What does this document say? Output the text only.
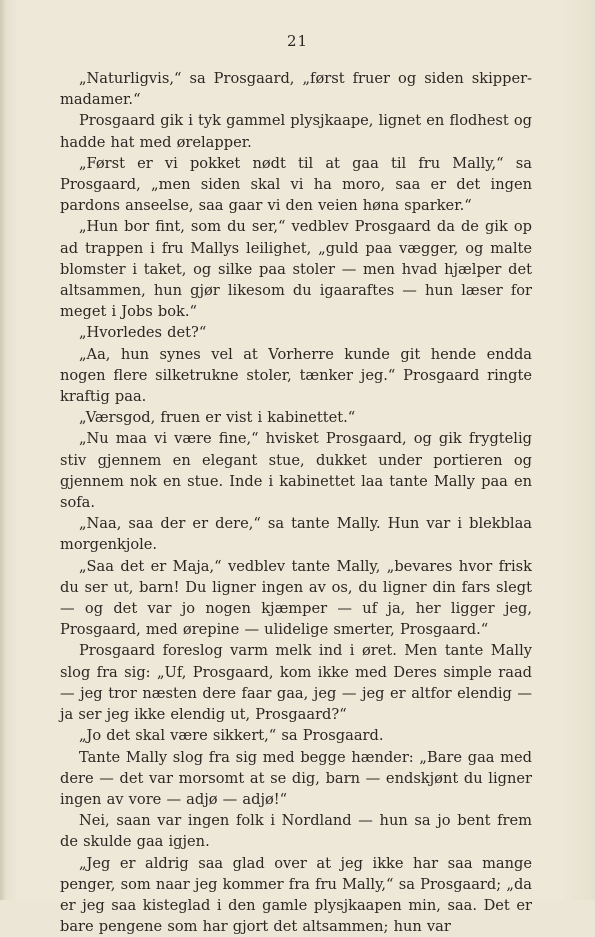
21

„Naturligvis,“ sa Prosgaard, „først fruer og siden skipper-madamer.“

Prosgaard gik i tyk gammel plysjkaape, lignet en flodhest og hadde hat med ørelapper.

„Først er vi pokket nødt til at gaa til fru Mally,“ sa Prosgaard, „men siden skal vi ha moro, saa er det ingen pardons anseelse, saa gaar vi den veien høna sparker.“

„Hun bor fint, som du ser,“ vedblev Prosgaard da de gik op ad trappen i fru Mallys leilighet, „guld paa vægger, og malte blomster i taket, og silke paa stoler — men hvad hjælper det altsammen, hun gjør likesom du igaaraftes — hun læser for meget i Jobs bok.“

„Hvorledes det?“

„Aa, hun synes vel at Vorherre kunde git hende endda nogen flere silketrukne stoler, tænker jeg.“ Prosgaard ringte kraftig paa.

„Værsgod, fruen er vist i kabinettet.“

„Nu maa vi være fine,“ hvisket Prosgaard, og gik frygtelig stiv gjennem en elegant stue, dukket under portieren og gjennem nok en stue. Inde i kabinettet laa tante Mally paa en sofa.

„Naa, saa der er dere,“ sa tante Mally. Hun var i blekblaa morgenkjole.

„Saa det er Maja,“ vedblev tante Mally, „bevares hvor frisk du ser ut, barn! Du ligner ingen av os, du ligner din fars slegt — og det var jo nogen kjæmper — uf ja, her ligger jeg, Prosgaard, med ørepine — ulidelige smerter, Prosgaard.“

Prosgaard foreslog varm melk ind i øret. Men tante Mally slog fra sig: „Uf, Prosgaard, kom ikke med Deres simple raad — jeg tror næsten dere faar gaa, jeg — jeg er altfor elendig — ja ser jeg ikke elendig ut, Prosgaard?“

„Jo det skal være sikkert,“ sa Prosgaard.

Tante Mally slog fra sig med begge hænder: „Bare gaa med dere — det var morsomt at se dig, barn — endskjønt du ligner ingen av vore — adjø — adjø!“

Nei, saan var ingen folk i Nordland — hun sa jo bent frem de skulde gaa igjen.

„Jeg er aldrig saa glad over at jeg ikke har saa mange penger, som naar jeg kommer fra fru Mally,“ sa Prosgaard; „da er jeg saa kisteglad i den gamle plysjkaapen min, saa. Det er bare pengene som har gjort det altsammen; hun var
